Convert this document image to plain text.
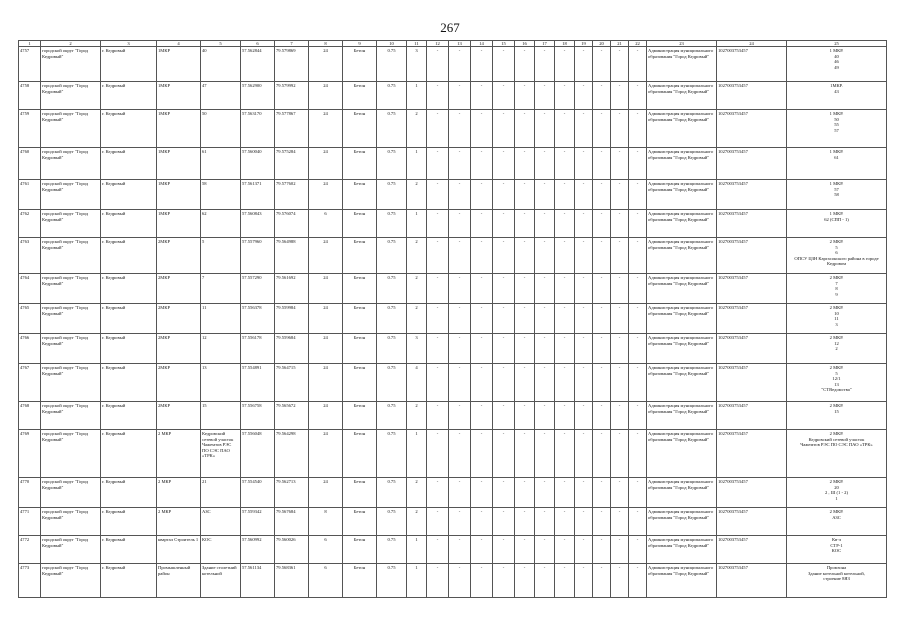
267
1	2	3	4	5	6	7	8	9	10	11	12	13	14	15	16	17	18	19	20	21	22	23	24	25
4757	городской округ "Город Кедровый"	г. Кедровый	1МКР	40	57.562844	79.579869	24	Бетон	0.75	3	-	-	-	-	-	-	-	-	-	-	-	Администрация муниципального образования "Город Кедровый"	1027003753457	1 МКР.
40
46
49

4758	городской округ "Город Кедровый"	г. Кедровый	1МКР	47	57.562900	79.579992	24	Бетон	0.75	1	-	-	-	-	-	-	-	-	-	-	-	Администрация муниципального образования "Город Кедровый"	1027003753457	1МКР.
43

4759	городской округ "Город Кедровый"	г. Кедровый	1МКР	50	57.563170	79.577867	24	Бетон	0.75	2	-	-	-	-	-	-	-	-	-	-	-	Администрация муниципального образования "Город Кедровый"	1027003753457	1 МКР.
50
55
57

4760	городской округ "Город Кедровый"	г. Кедровый	1МКР	61	57.560040	79.575284	24	Бетон	0.75	1	-	-	-	-	-	-	-	-	-	-	-	Администрация муниципального образования "Город Кедровый"	1027003753457	1 МКР.
61

4761	городской округ "Город Кедровый"	г. Кедровый	1МКР	58	57.561371	79.577602	24	Бетон	0.75	2	-	-	-	-	-	-	-	-	-	-	-	Администрация муниципального образования "Город Кедровый"	1027003753457	1 МКР.
57
58

4762	городской округ "Город Кедровый"	г. Кедровый	1МКР	62	57.560843	79.576074	6	Бетон	0.75	1	-	-	-	-	-	-	-	-	-	-	-	Администрация муниципального образования "Город Кедровый"	1027003753457	1 МКР.
62 (СПП - 1)

4763	городской округ "Город Кедровый"	г. Кедровый	2МКР	5	57.557960	79.564988	24	Бетон	0.75	2	-	-	-	-	-	-	-	-	-	-	-	Администрация муниципального образования "Город Кедровый"	1027003753457	2 МКР.
5
6
ОПСУ ЦЗН Каргасокского района в городе Кедровом

4764	городской округ "Город Кедровый"	г. Кедровый	2МКР	7	57.557290	79.561692	24	Бетон	0.75	2	-	-	-	-	-	-	-	-	-	-	-	Администрация муниципального образования "Город Кедровый"	1027003753457	2 МКР.
7
8
9

4765	городской округ "Город Кедровый"	г. Кедровый	2МКР	11	57.556378	79.559984	24	Бетон	0.75	2	-	-	-	-	-	-	-	-	-	-	-	Администрация муниципального образования "Город Кедровый"	1027003753457	2 МКР.
10
11
3

4766	городской округ "Город Кедровый"	г. Кедровый	2МКР	12	57.556178	79.559684	24	Бетон	0.75	3	-	-	-	-	-	-	-	-	-	-	-	Администрация муниципального образования "Город Кедровый"	1027003753457	2 МКР.
12
2

4767	городской округ "Город Кедровый"	г. Кедровый	2МКР	13	57.554891	79.564715	24	Бетон	0.75	4	-	-	-	-	-	-	-	-	-	-	-	Администрация муниципального образования "Город Кедровый"	1027003753457	2 МКР.
5
12/1
13
"СТВедомства"

4768	городской округ "Город Кедровый"	г. Кедровый	2МКР	15	57.556758	79.565672	24	Бетон	0.75	2	-	-	-	-	-	-	-	-	-	-	-	Администрация муниципального образования "Город Кедровый"	1027003753457	2 МКР.
15

4769	городской округ "Город Кедровый"	г. Кедровый	2 МКР	Кедровский сетевой участок Чажемтов РЭС ПО СЭС ПАО «ТРК»	57.556048	79.564298	24	Бетон	0.75	1	-	-	-	-	-	-	-	-	-	-	-	Администрация муниципального образования "Город Кедровый"	1027003753457	2 МКР.
Кедровский сетевой участок
Чажемтов РЭС ПО СЭС ПАО «ТРК»

4770	городской округ "Город Кедровый"	г. Кедровый	2 МКР	21	57.554540	79.562713	24	Бетон	0.75	2	-	-	-	-	-	-	-	-	-	-	-	Администрация муниципального образования "Город Кедровый"	1027003753457	2 МКР.
20
2 , Ш (1 - 2)
1

4771	городской округ "Город Кедровый"	г. Кедровый	2 МКР	АЗС	57.559342	79.567684	8	Бетон	0.75	2	-	-	-	-	-	-	-	-	-	-	-	Администрация муниципального образования "Город Кедровый"	1027003753457	2 МКР.
АЗС

4772	городской округ "Город Кедровый"	г. Кедровый	квартал Строитель 1	КОС	57.560992	79.560026	6	Бетон	0.75	1	-	-	-	-	-	-	-	-	-	-	-	Администрация муниципального образования "Город Кедровый"	1027003753457	Кв-л
СТР-1
КОС

4773	городской округ "Город Кедровый"	г. Кедровый	Промышленный район	Здание столетний котельной	57.561134	79.568361	6	Бетон	0.75	1	-	-	-	-	-	-	-	-	-	-	-	Администрация муниципального образования "Город Кедровый"	1027003753457	Промзона
Здание котельной котельной,
строение 8ЯЗ
